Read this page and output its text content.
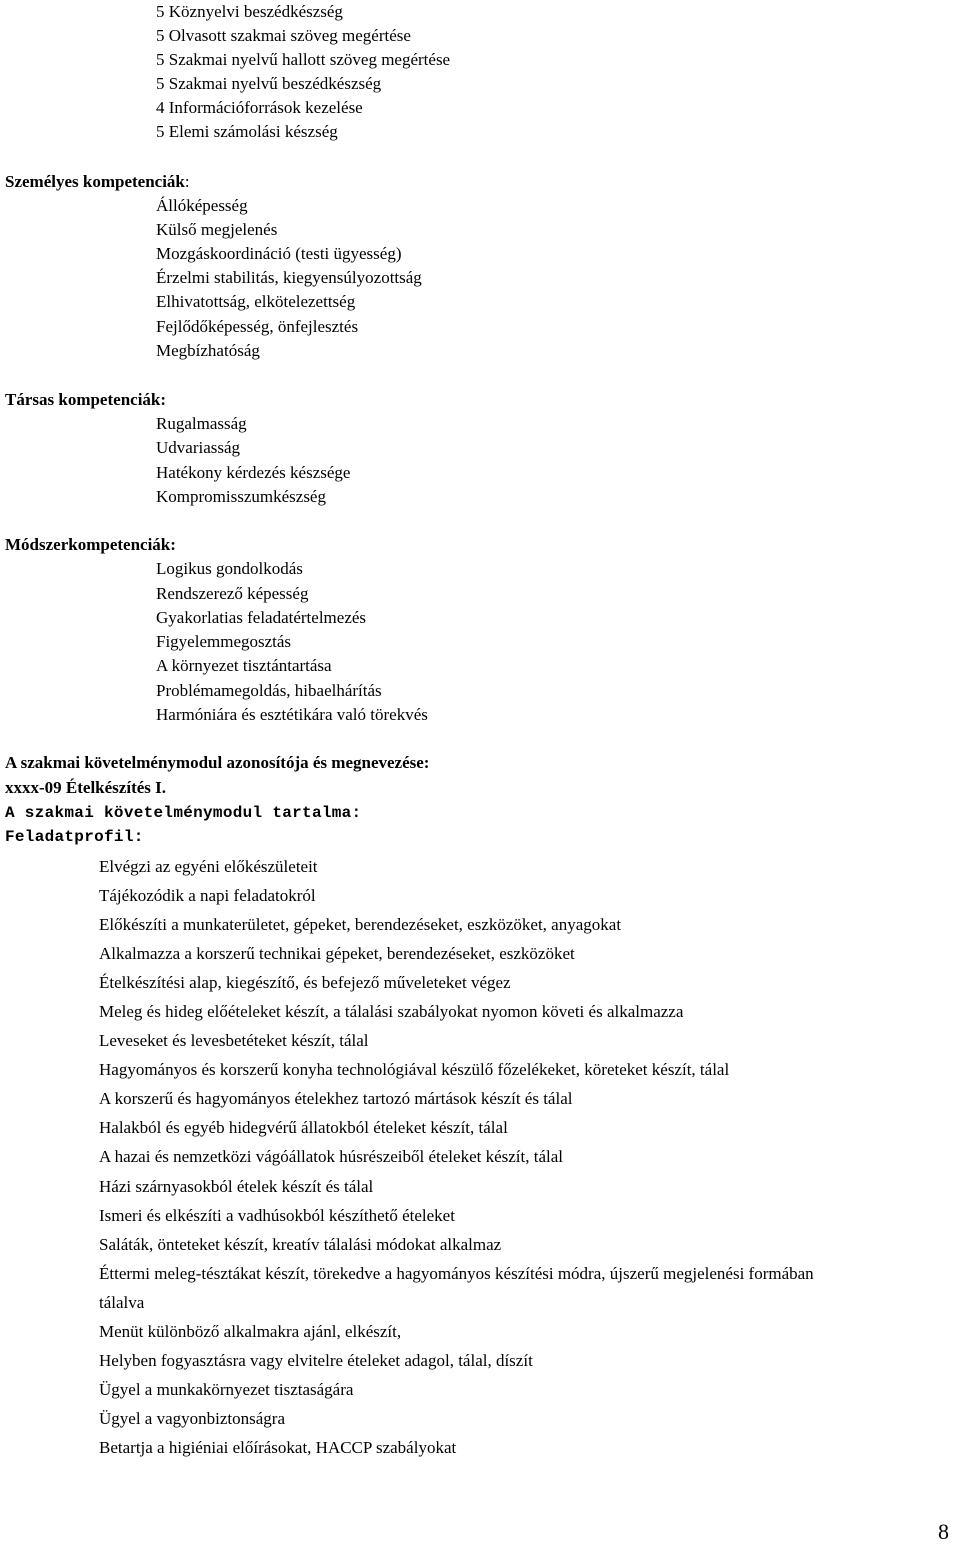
5 Köznyelvi beszédkészség
5 Olvasott szakmai szöveg megértése
5 Szakmai nyelvű hallott szöveg megértése
5 Szakmai nyelvű beszédkészség
4 Információforrások kezelése
5 Elemi számolási készség
Személyes kompetenciák:
Állóképesség
Külső megjelenés
Mozgáskoordináció (testi ügyesség)
Érzelmi stabilitás, kiegyensúlyozottság
Elhivatottság, elkötelezettség
Fejlődőképesség, önfejlesztés
Megbízhatóság
Társas kompetenciák:
Rugalmasság
Udvariasság
Hatékony kérdezés készsége
Kompromisszumkészség
Módszerkompetenciák:
Logikus gondolkodás
Rendszerező képesség
Gyakorlatias feladatértelmezés
Figyelemmegosztás
A környezet tisztántartása
Problémamegoldás, hibaelhárítás
Harmóniára és esztétikára való törekvés
A szakmai követelménymodul azonosítója és megnevezése:
xxxx-09 Ételkészítés I.
A szakmai követelménymodul tartalma:
Feladatprofil:
Elvégzi az egyéni előkészületeit
Tájékozódik a napi feladatokról
Előkészíti a munkaterületet, gépeket, berendezéseket, eszközöket, anyagokat
Alkalmazza a korszerű technikai gépeket, berendezéseket, eszközöket
Ételkészítési alap, kiegészítő, és befejező műveleteket végez
Meleg és hideg előételeket készít, a tálalási szabályokat nyomon követi és alkalmazza
Leveseket és levesbetéteket készít, tálal
Hagyományos és korszerű konyha technológiával készülő főzelékeket, köreteket készít, tálal
A korszerű és hagyományos ételekhez tartozó mártások készít és tálal
Halakból és egyéb hidegvérű állatokból ételeket készít, tálal
A hazai és nemzetközi vágóállatok húsrészeiből ételeket készít, tálal
Házi szárnyasokból ételek készít és tálal
Ismeri és elkészíti a vadhúsokból készíthető ételeket
Saláták, önteteket készít, kreatív tálalási módokat alkalmaz
Éttermi meleg-tésztákat készít, törekedve a hagyományos készítési módra, újszerű megjelenési formában
tálalva
Menüt különböző alkalmakra ajánl, elkészít,
Helyben fogyasztásra vagy elvitelre ételeket adagol, tálal, díszít
Ügyel a munkakörnyezet tisztaságára
Ügyel a vagyonbiztonságra
Betartja a higiéniai előírásokat, HACCP szabályokat
8
